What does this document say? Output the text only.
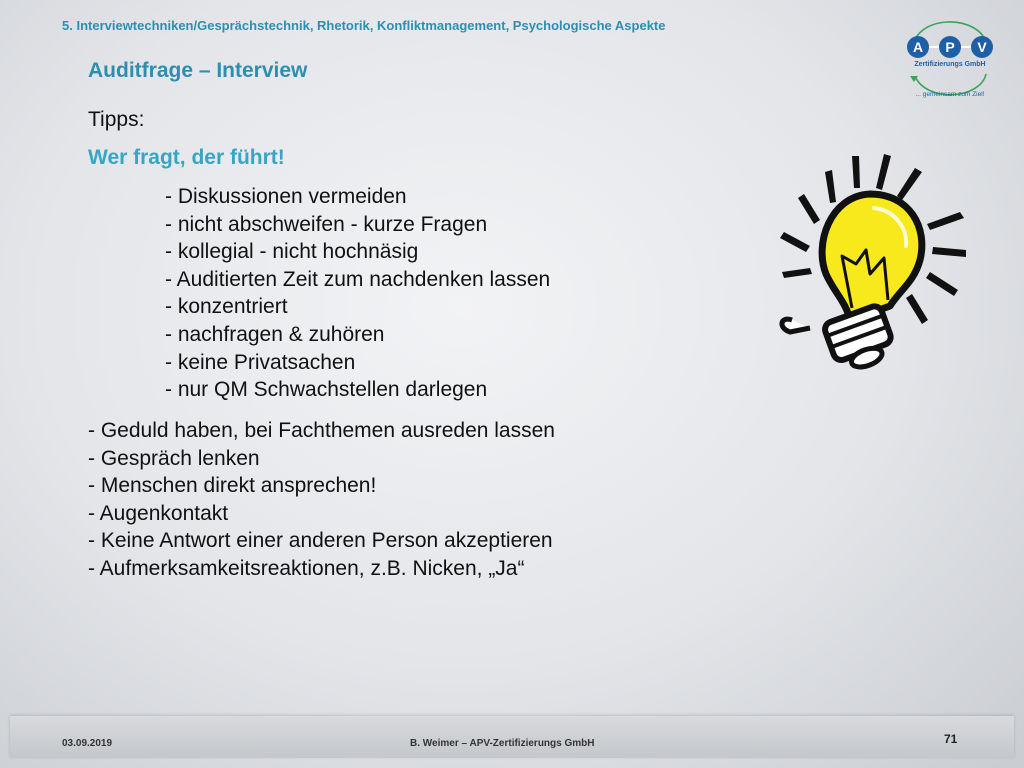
5. Interviewtechniken/Gesprächstechnik, Rhetorik, Konfliktmanagement, Psychologische Aspekte
A P V
Zertifizierungs GmbH
... gemeinsam zum Ziel!
Auditfrage – Interview
Tipps:
Wer fragt, der führt!
- Diskussionen vermeiden
- nicht abschweifen - kurze Fragen
- kollegial - nicht hochnäsig
- Auditierten Zeit zum nachdenken lassen
- konzentriert
- nachfragen & zuhören
- keine Privatsachen
- nur QM Schwachstellen darlegen
- Geduld haben, bei Fachthemen ausreden lassen
- Gespräch lenken
- Menschen direkt ansprechen!
- Augenkontakt
- Keine Antwort einer anderen Person akzeptieren
- Aufmerksamkeitsreaktionen, z.B. Nicken, „Ja“
03.09.2019	B. Weimer – APV-Zertifizierungs GmbH	71
